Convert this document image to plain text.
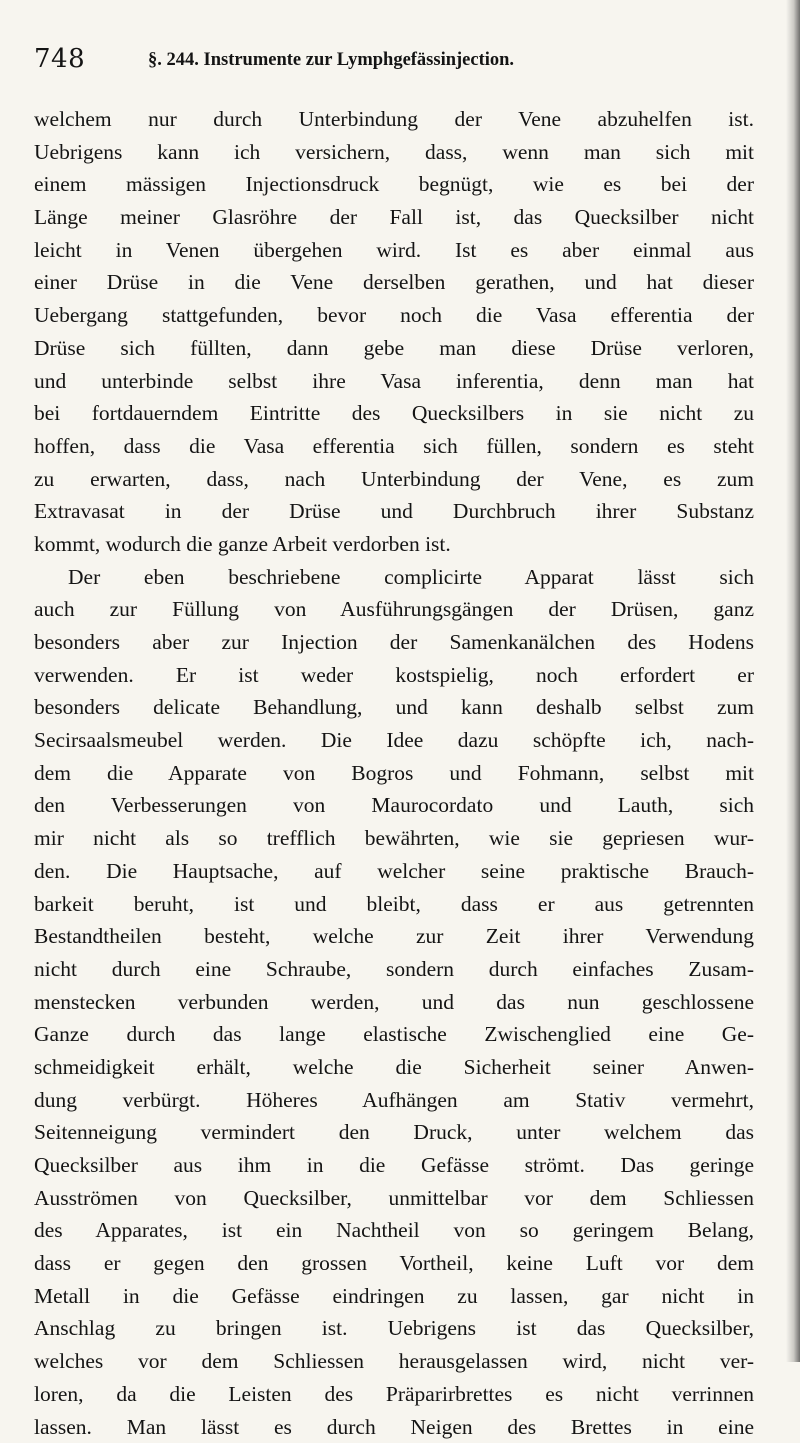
748	§. 244. Instrumente zur Lymphgefässinjection.
welchem nur durch Unterbindung der Vene abzuhelfen ist.
Uebrigens kann ich versichern, dass, wenn man sich mit
einem mässigen Injectionsdruck begnügt, wie es bei der
Länge meiner Glasröhre der Fall ist, das Quecksilber nicht
leicht in Venen übergehen wird. Ist es aber einmal aus
einer Drüse in die Vene derselben gerathen, und hat dieser
Uebergang stattgefunden, bevor noch die Vasa efferentia der
Drüse sich füllten, dann gebe man diese Drüse verloren,
und unterbinde selbst ihre Vasa inferentia, denn man hat
bei fortdauerndem Eintritte des Quecksilbers in sie nicht zu
hoffen, dass die Vasa efferentia sich füllen, sondern es steht
zu erwarten, dass, nach Unterbindung der Vene, es zum
Extravasat in der Drüse und Durchbruch ihrer Substanz
kommt, wodurch die ganze Arbeit verdorben ist.
Der eben beschriebene complicirte Apparat lässt sich
auch zur Füllung von Ausführungsgängen der Drüsen, ganz
besonders aber zur Injection der Samenkanälchen des Hodens
verwenden. Er ist weder kostspielig, noch erfordert er
besonders delicate Behandlung, und kann deshalb selbst zum
Secirsaalsmeubel werden. Die Idee dazu schöpfte ich, nach-
dem die Apparate von Bogros und Fohmann, selbst mit
den Verbesserungen von Maurocordato und Lauth, sich
mir nicht als so trefflich bewährten, wie sie gepriesen wur-
den. Die Hauptsache, auf welcher seine praktische Brauch-
barkeit beruht, ist und bleibt, dass er aus getrennten
Bestandtheilen besteht, welche zur Zeit ihrer Verwendung
nicht durch eine Schraube, sondern durch einfaches Zusam-
menstecken verbunden werden, und das nun geschlossene
Ganze durch das lange elastische Zwischenglied eine Ge-
schmeidigkeit erhält, welche die Sicherheit seiner Anwen-
dung verbürgt. Höheres Aufhängen am Stativ vermehrt,
Seitenneigung vermindert den Druck, unter welchem das
Quecksilber aus ihm in die Gefässe strömt. Das geringe
Ausströmen von Quecksilber, unmittelbar vor dem Schliessen
des Apparates, ist ein Nachtheil von so geringem Belang,
dass er gegen den grossen Vortheil, keine Luft vor dem
Metall in die Gefässe eindringen zu lassen, gar nicht in
Anschlag zu bringen ist. Uebrigens ist das Quecksilber,
welches vor dem Schliessen herausgelassen wird, nicht ver-
loren, da die Leisten des Präparirbrettes es nicht verrinnen
lassen. Man lässt es durch Neigen des Brettes in eine
